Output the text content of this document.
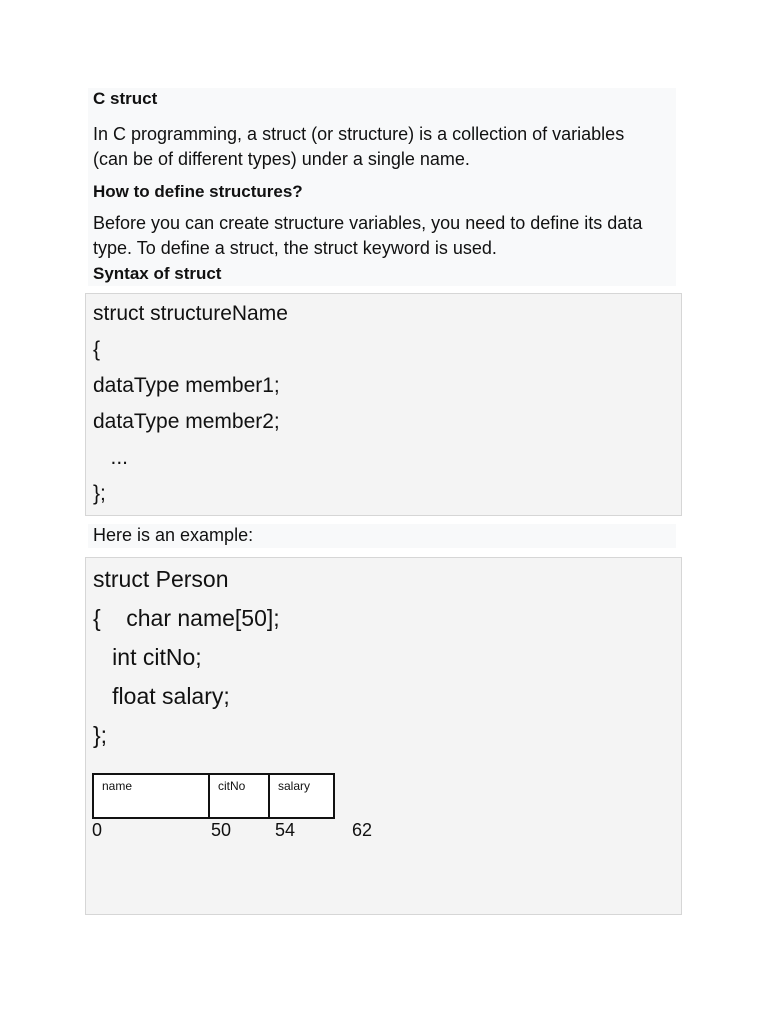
C struct

In C programming, a struct (or structure) is a collection of variables

(can be of different types) under a single name.

How to define structures?

Before you can create structure variables, you need to define its data

type. To define a struct, the struct keyword is used.

Syntax of struct

struct structureName

{

dataType member1;

dataType member2;

...

};

Here is an example:

struct Person

{    char name[50];

int citNo;

float salary;

};

name	citNo	salary
0	50 54	62
